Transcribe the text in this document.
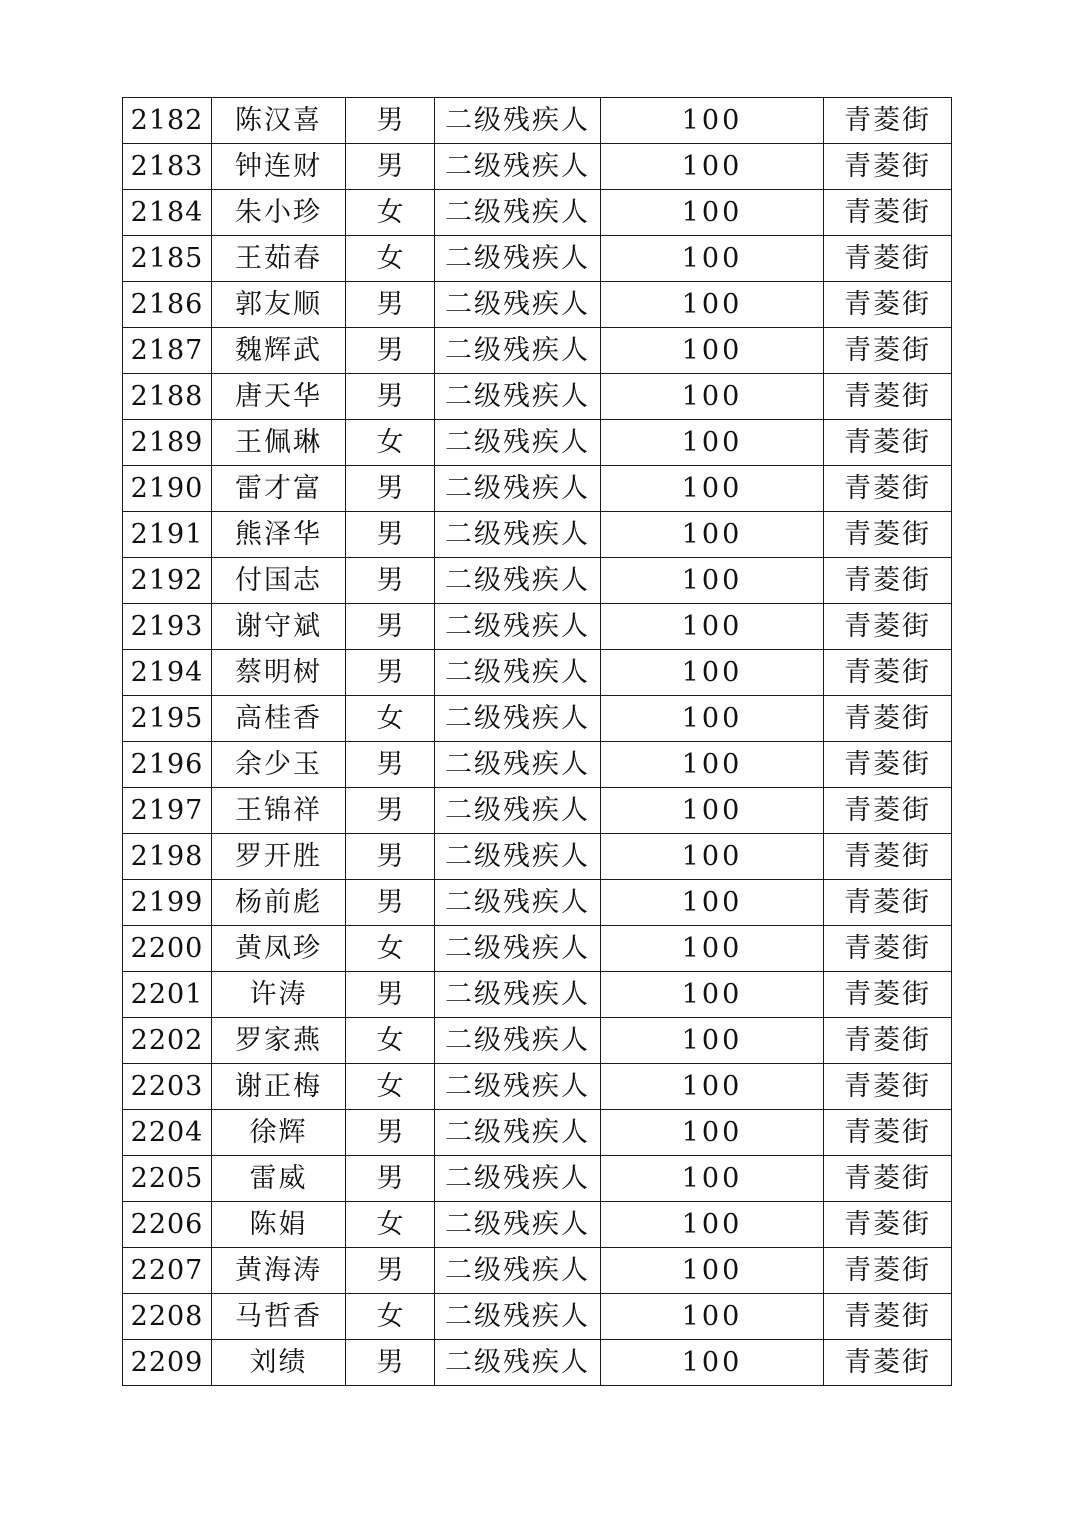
2182	陈汉喜	男	二级残疾人	100	青菱街
2183	钟连财	男	二级残疾人	100	青菱街
2184	朱小珍	女	二级残疾人	100	青菱街
2185	王茹春	女	二级残疾人	100	青菱街
2186	郭友顺	男	二级残疾人	100	青菱街
2187	魏辉武	男	二级残疾人	100	青菱街
2188	唐天华	男	二级残疾人	100	青菱街
2189	王佩琳	女	二级残疾人	100	青菱街
2190	雷才富	男	二级残疾人	100	青菱街
2191	熊泽华	男	二级残疾人	100	青菱街
2192	付国志	男	二级残疾人	100	青菱街
2193	谢守斌	男	二级残疾人	100	青菱街
2194	蔡明树	男	二级残疾人	100	青菱街
2195	高桂香	女	二级残疾人	100	青菱街
2196	余少玉	男	二级残疾人	100	青菱街
2197	王锦祥	男	二级残疾人	100	青菱街
2198	罗开胜	男	二级残疾人	100	青菱街
2199	杨前彪	男	二级残疾人	100	青菱街
2200	黄凤珍	女	二级残疾人	100	青菱街
2201	许涛	男	二级残疾人	100	青菱街
2202	罗家燕	女	二级残疾人	100	青菱街
2203	谢正梅	女	二级残疾人	100	青菱街
2204	徐辉	男	二级残疾人	100	青菱街
2205	雷威	男	二级残疾人	100	青菱街
2206	陈娟	女	二级残疾人	100	青菱街
2207	黄海涛	男	二级残疾人	100	青菱街
2208	马哲香	女	二级残疾人	100	青菱街
2209	刘绩	男	二级残疾人	100	青菱街
